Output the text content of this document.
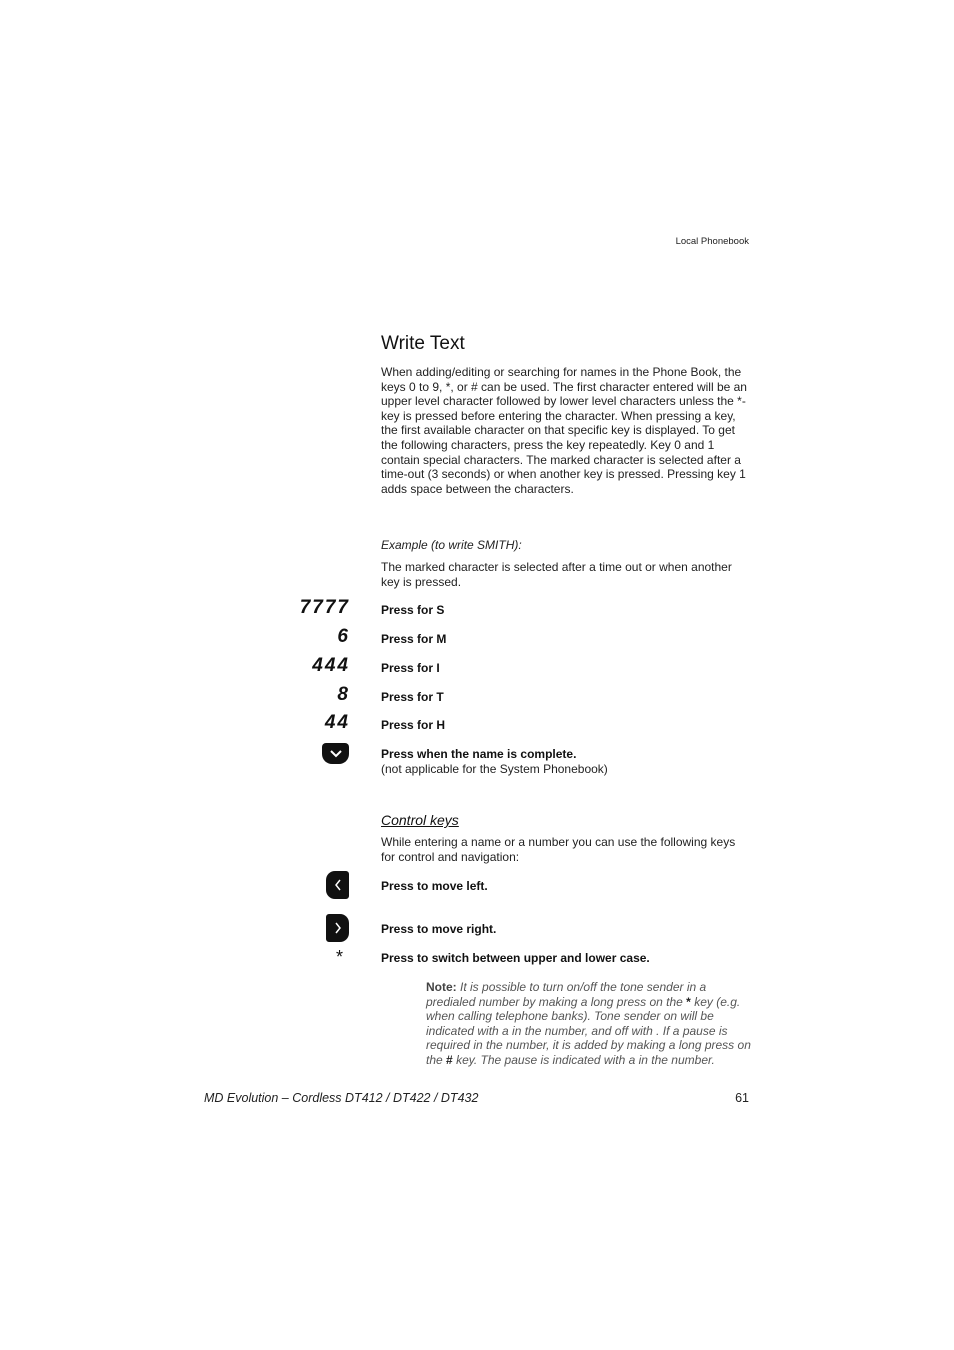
Local Phonebook
Write Text

When adding/editing or searching for names in the Phone Book, the keys 0 to 9, *, or # can be used. The first character entered will be an upper level character followed by lower level characters unless the *-key is pressed before entering the character. When pressing a key, the first available character on that specific key is displayed. To get the following characters, press the key repeatedly. Key 0 and 1 contain special characters. The marked character is selected after a time-out (3 seconds) or when another key is pressed. Pressing key 1 adds space between the characters.

Example (to write SMITH):

The marked character is selected after a time out or when another key is pressed.

7777	Press for S
6	Press for M
444	Press for I
8	Press for T
44	Press for H
Press when the name is complete.
(not applicable for the System Phonebook)
Control keys

While entering a name or a number you can use the following keys for control and navigation:

Press to move left.
Press to move right.
*	Press to switch between upper and lower case.

Note: It is possible to turn on/off the tone sender in a predialed number by making a long press on the * key (e.g. when calling telephone banks). Tone sender on will be indicated with a in the number, and off with . If a pause is required in the number, it is added by making a long press on the # key. The pause is indicated with a in the number.

MD Evolution – Cordless DT412 / DT422 / DT432	61
